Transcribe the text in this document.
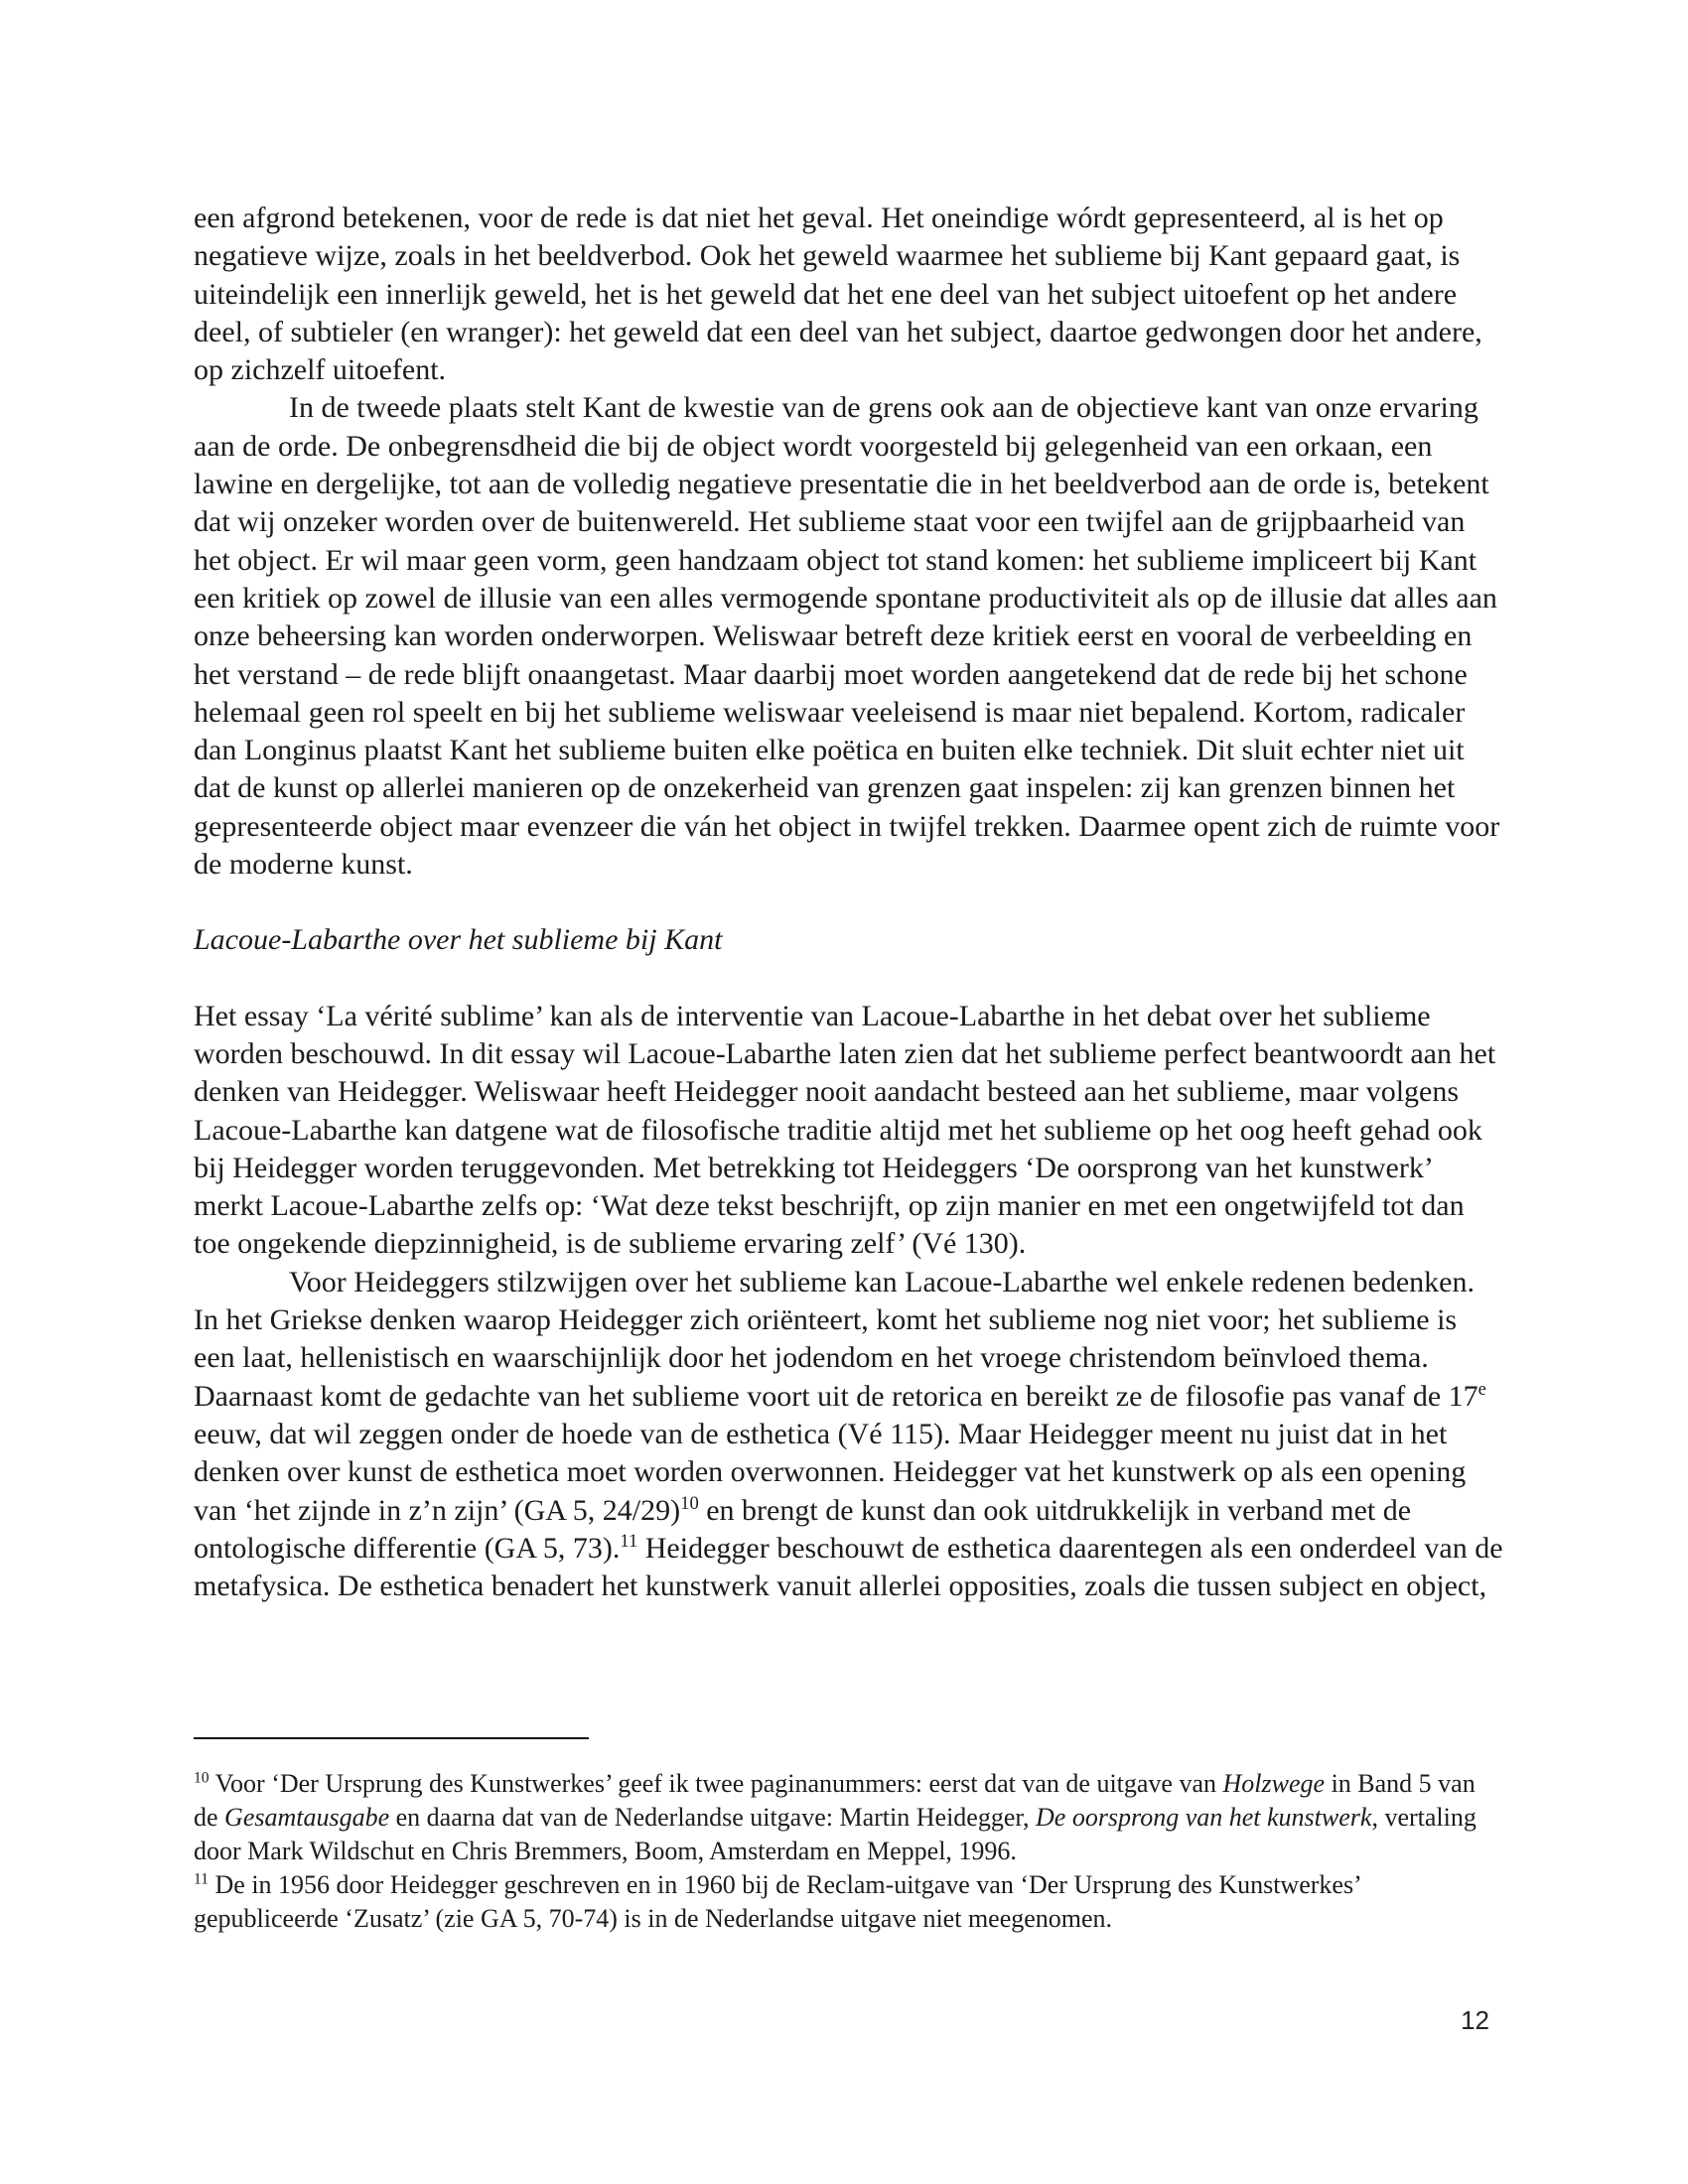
een afgrond betekenen, voor de rede is dat niet het geval. Het oneindige wórdt gepresenteerd, al is het op negatieve wijze, zoals in het beeldverbod. Ook het geweld waarmee het sublieme bij Kant gepaard gaat, is uiteindelijk een innerlijk geweld, het is het geweld dat het ene deel van het subject uitoefent op het andere deel, of subtieler (en wranger): het geweld dat een deel van het subject, daartoe gedwongen door het andere, op zichzelf uitoefent.

In de tweede plaats stelt Kant de kwestie van de grens ook aan de objectieve kant van onze ervaring aan de orde. De onbegrensdheid die bij de object wordt voorgesteld bij gelegenheid van een orkaan, een lawine en dergelijke, tot aan de volledig negatieve presentatie die in het beeldverbod aan de orde is, betekent dat wij onzeker worden over de buitenwereld. Het sublieme staat voor een twijfel aan de grijpbaarheid van het object. Er wil maar geen vorm, geen handzaam object tot stand komen: het sublieme impliceert bij Kant een kritiek op zowel de illusie van een alles vermogende spontane productiviteit als op de illusie dat alles aan onze beheersing kan worden onderworpen. Weliswaar betreft deze kritiek eerst en vooral de verbeelding en het verstand – de rede blijft onaangetast. Maar daarbij moet worden aangetekend dat de rede bij het schone helemaal geen rol speelt en bij het sublieme weliswaar veeleisend is maar niet bepalend. Kortom, radicaler dan Longinus plaatst Kant het sublieme buiten elke poëtica en buiten elke techniek. Dit sluit echter niet uit dat de kunst op allerlei manieren op de onzekerheid van grenzen gaat inspelen: zij kan grenzen binnen het gepresenteerde object maar evenzeer die ván het object in twijfel trekken. Daarmee opent zich de ruimte voor de moderne kunst.

Lacoue-Labarthe over het sublieme bij Kant

Het essay ‘La vérité sublime’ kan als de interventie van Lacoue-Labarthe in het debat over het sublieme worden beschouwd. In dit essay wil Lacoue-Labarthe laten zien dat het sublieme perfect beantwoordt aan het denken van Heidegger. Weliswaar heeft Heidegger nooit aandacht besteed aan het sublieme, maar volgens Lacoue-Labarthe kan datgene wat de filosofische traditie altijd met het sublieme op het oog heeft gehad ook bij Heidegger worden teruggevonden. Met betrekking tot Heideggers ‘De oorsprong van het kunstwerk’ merkt Lacoue-Labarthe zelfs op: ‘Wat deze tekst beschrijft, op zijn manier en met een ongetwijfeld tot dan toe ongekende diepzinnigheid, is de sublieme ervaring zelf’ (Vé 130).

Voor Heideggers stilzwijgen over het sublieme kan Lacoue-Labarthe wel enkele redenen bedenken. In het Griekse denken waarop Heidegger zich oriënteert, komt het sublieme nog niet voor; het sublieme is een laat, hellenistisch en waarschijnlijk door het jodendom en het vroege christendom beïnvloed thema. Daarnaast komt de gedachte van het sublieme voort uit de retorica en bereikt ze de filosofie pas vanaf de 17e eeuw, dat wil zeggen onder de hoede van de esthetica (Vé 115). Maar Heidegger meent nu juist dat in het denken over kunst de esthetica moet worden overwonnen. Heidegger vat het kunstwerk op als een opening van ‘het zijnde in z’n zijn’ (GA 5, 24/29)$^{10}$ en brengt de kunst dan ook uitdrukkelijk in verband met de ontologische differentie (GA 5, 73).$^{11}$ Heidegger beschouwt de esthetica daarentegen als een onderdeel van de metafysica. De esthetica benadert het kunstwerk vanuit allerlei opposities, zoals die tussen subject en object,

$^{10}$ Voor ‘Der Ursprung des Kunstwerkes’ geef ik twee paginanummers: eerst dat van de uitgave van Holzwege in Band 5 van de Gesamtausgabe en daarna dat van de Nederlandse uitgave: Martin Heidegger, De oorsprong van het kunstwerk, vertaling door Mark Wildschut en Chris Bremmers, Boom, Amsterdam en Meppel, 1996.

$^{11}$ De in 1956 door Heidegger geschreven en in 1960 bij de Reclam-uitgave van ‘Der Ursprung des Kunstwerkes’ gepubliceerde ‘Zusatz’ (zie GA 5, 70-74) is in de Nederlandse uitgave niet meegenomen.

12
